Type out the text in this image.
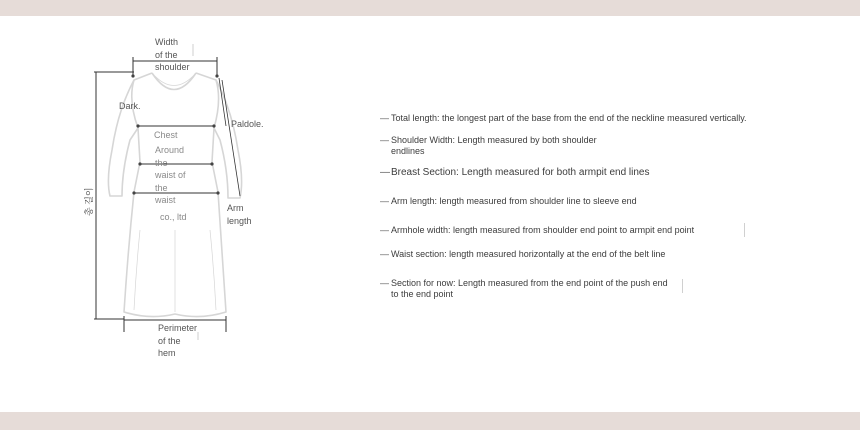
Width
of the
shoulder
Dark.
Paldole.
Chest
Around
the
waist of
the
waist
co., ltd
Arm
length
Perimeter
of the
hem
총 길이
— Total length: the longest part of the base from the end of the neckline measured vertically.
— Shoulder Width: Length measured by both shoulder endlines
— Breast Section: Length measured for both armpit end lines
— Arm length: length measured from shoulder line to sleeve end
— Armhole width: length measured from shoulder end point to armpit end point
— Waist section: length measured horizontally at the end of the belt line
— Section for now: Length measured from the end point of the push end to the end point
